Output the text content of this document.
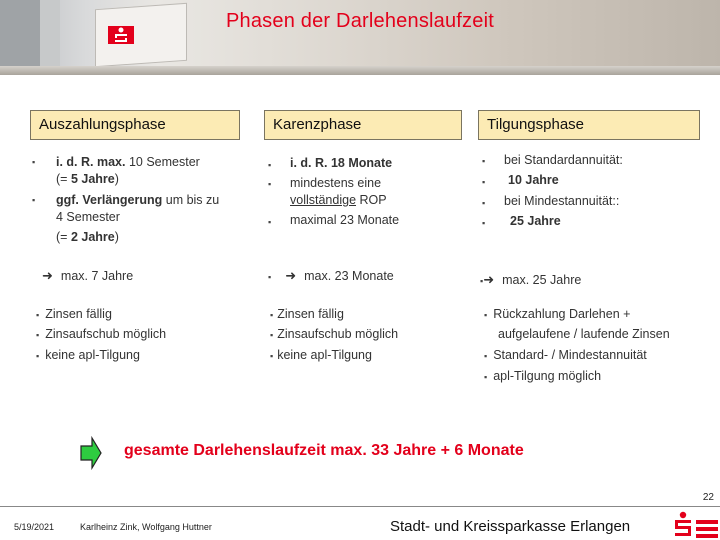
Phasen der Darlehenslaufzeit
Auszahlungsphase
▪ i. d. R. max. 10 Semester
(= 5 Jahre)
▪ ggf. Verlängerung um bis zu
4 Semester
(= 2 Jahre)
➜ max. 7 Jahre
▪ Zinsen fällig
▪ Zinsaufschub möglich
▪ keine apl-Tilgung
Karenzphase
▪ i. d. R. 18 Monate
▪ mindestens eine
vollständige ROP
▪ maximal 23 Monate
▪ ➜ max. 23 Monate
▪ Zinsen fällig
▪ Zinsaufschub möglich
▪ keine apl-Tilgung
Tilgungsphase
▪ bei Standardannuität:
▪ 10 Jahre
▪ bei Mindestannuität::
▪ 25 Jahre
▪➜ max. 25 Jahre
▪ Rückzahlung Darlehen +
aufgelaufene / laufende Zinsen
▪ Standard- / Mindestannuität
▪ apl-Tilgung möglich
gesamte Darlehenslaufzeit max. 33 Jahre + 6 Monate
22
5/19/2021	Karlheinz Zink, Wolfgang Huttner	Stadt- und Kreissparkasse Erlangen
